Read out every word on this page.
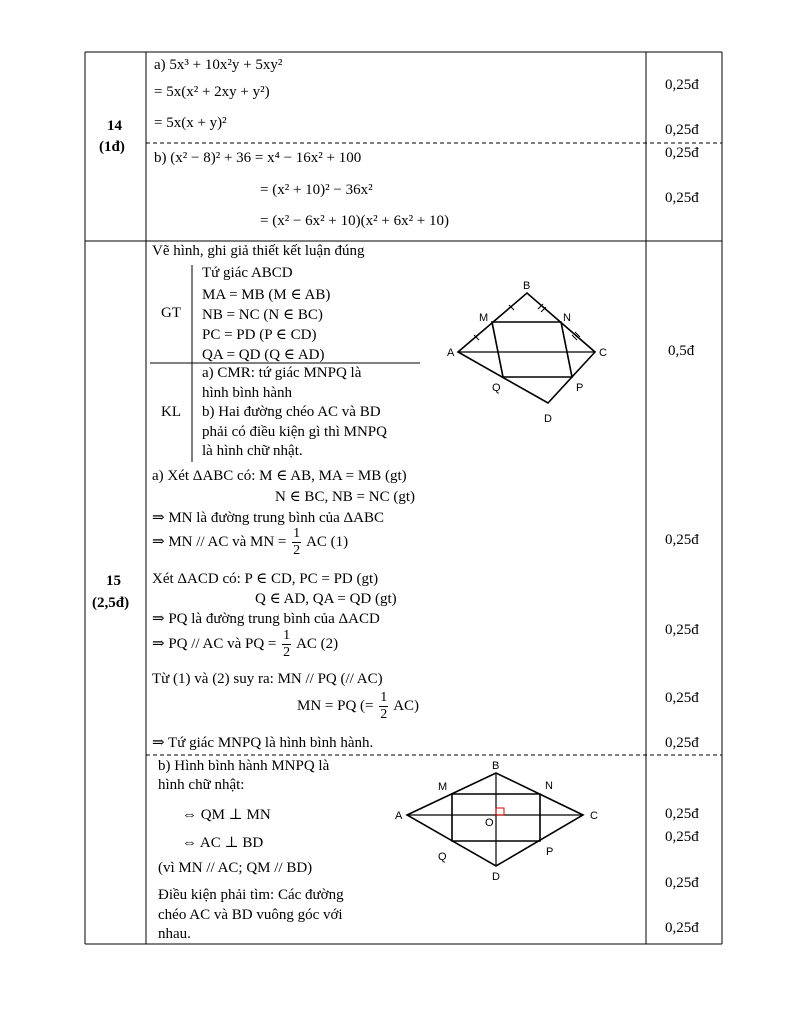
A
B
C
D
M	N
P
Q
A
B
C
D
M	N
P
Q
O
14
(1đ)
a) 5x³ + 10x²y + 5xy²
= 5x(x² + 2xy + y²)
= 5x(x + y)²
b) (x² − 8)² + 36 = x⁴ − 16x² + 100
= (x² + 10)² − 36x²
= (x² − 6x² + 10)(x² + 6x² + 10)
0,25đ
0,25đ
0,25đ
0,25đ
15
(2,5đ)
Vẽ hình, ghi giả thiết kết luận đúng
GT
Tứ giác ABCD
MA = MB (M ∈ AB)
NB = NC (N ∈ BC)
PC = PD (P ∈ CD)
QA = QD (Q ∈ AD)
KL
a) CMR: tứ giác MNPQ là
hình bình hành
b) Hai đường chéo AC và BD
phải có điều kiện gì thì MNPQ
là hình chữ nhật.
a) Xét ΔABC có: M ∈ AB, MA = MB (gt)
N ∈ BC, NB = NC (gt)
⇒ MN là đường trung bình của ΔABC
⇒ MN // AC và MN = $\frac{1}{2}$ AC (1)
Xét ΔACD có: P ∈ CD, PC = PD (gt)
Q ∈ AD, QA = QD (gt)
⇒ PQ là đường trung bình của ΔACD
⇒ PQ // AC và PQ = $\frac{1}{2}$ AC (2)
Từ (1) và (2) suy ra: MN // PQ (// AC)
MN = PQ (= $\frac{1}{2} AC$)
⇒ Tứ giác MNPQ là hình bình hành.
b) Hình bình hành MNPQ là
hình chữ nhật:
⇔ QM ⊥ MN
⇔ AC ⊥ BD
(vì MN // AC; QM // BD)
Điều kiện phải tìm: Các đường
chéo AC và BD vuông góc với
nhau.
0,5đ
0,25đ
0,25đ
0,25đ
0,25đ
0,25đ
0,25đ
0,25đ
0,25đ
